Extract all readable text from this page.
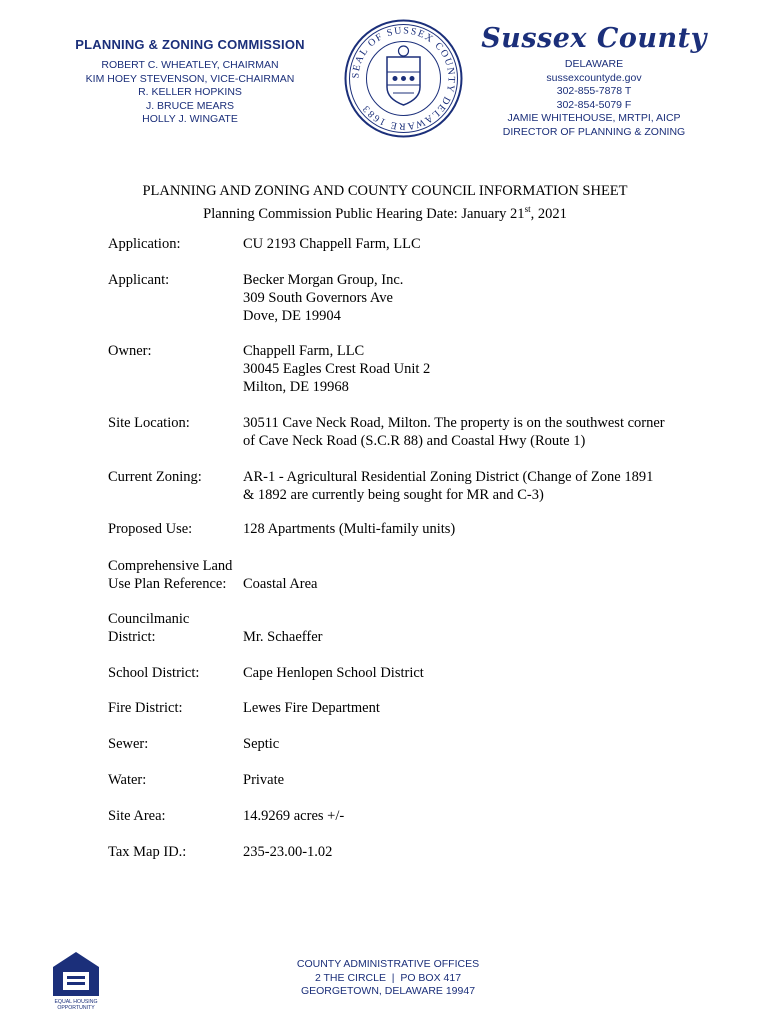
PLANNING & ZONING COMMISSION
ROBERT C. WHEATLEY, CHAIRMAN
KIM HOEY STEVENSON, VICE-CHAIRMAN
R. KELLER HOPKINS
J. BRUCE MEARS
HOLLY J. WINGATE
SEAL OF SUSSEX COUNTY DELAWARE 1683
Sussex County
DELAWARE
sussexcountyde.gov
302-855-7878 T
302-854-5079 F
JAMIE WHITEHOUSE, MRTPI, AICP
DIRECTOR OF PLANNING & ZONING
PLANNING AND ZONING AND COUNTY COUNCIL INFORMATION SHEET
Planning Commission Public Hearing Date: January 21st, 2021
Application:	CU 2193 Chappell Farm, LLC
Applicant:	Becker Morgan Group, Inc.
309 South Governors Ave
Dove, DE 19904
Owner:	Chappell Farm, LLC
30045 Eagles Crest Road Unit 2
Milton, DE 19968
Site Location:	30511 Cave Neck Road, Milton. The property is on the southwest corner
of Cave Neck Road (S.C.R 88) and Coastal Hwy (Route 1)
Current Zoning:	AR-1 - Agricultural Residential Zoning District (Change of Zone 1891
& 1892 are currently being sought for MR and C-3)
Proposed Use:	128 Apartments (Multi-family units)
Comprehensive Land
Use Plan Reference:	Coastal Area
Councilmanic
District:	Mr. Schaeffer
School District:	Cape Henlopen School District
Fire District:	Lewes Fire Department
Sewer:	Septic
Water:	Private
Site Area:	14.9269 acres +/-
Tax Map ID.:	235-23.00-1.02
EQUAL HOUSING
OPPORTUNITY
COUNTY ADMINISTRATIVE OFFICES
2 THE CIRCLE  |  PO BOX 417
GEORGETOWN, DELAWARE 19947
